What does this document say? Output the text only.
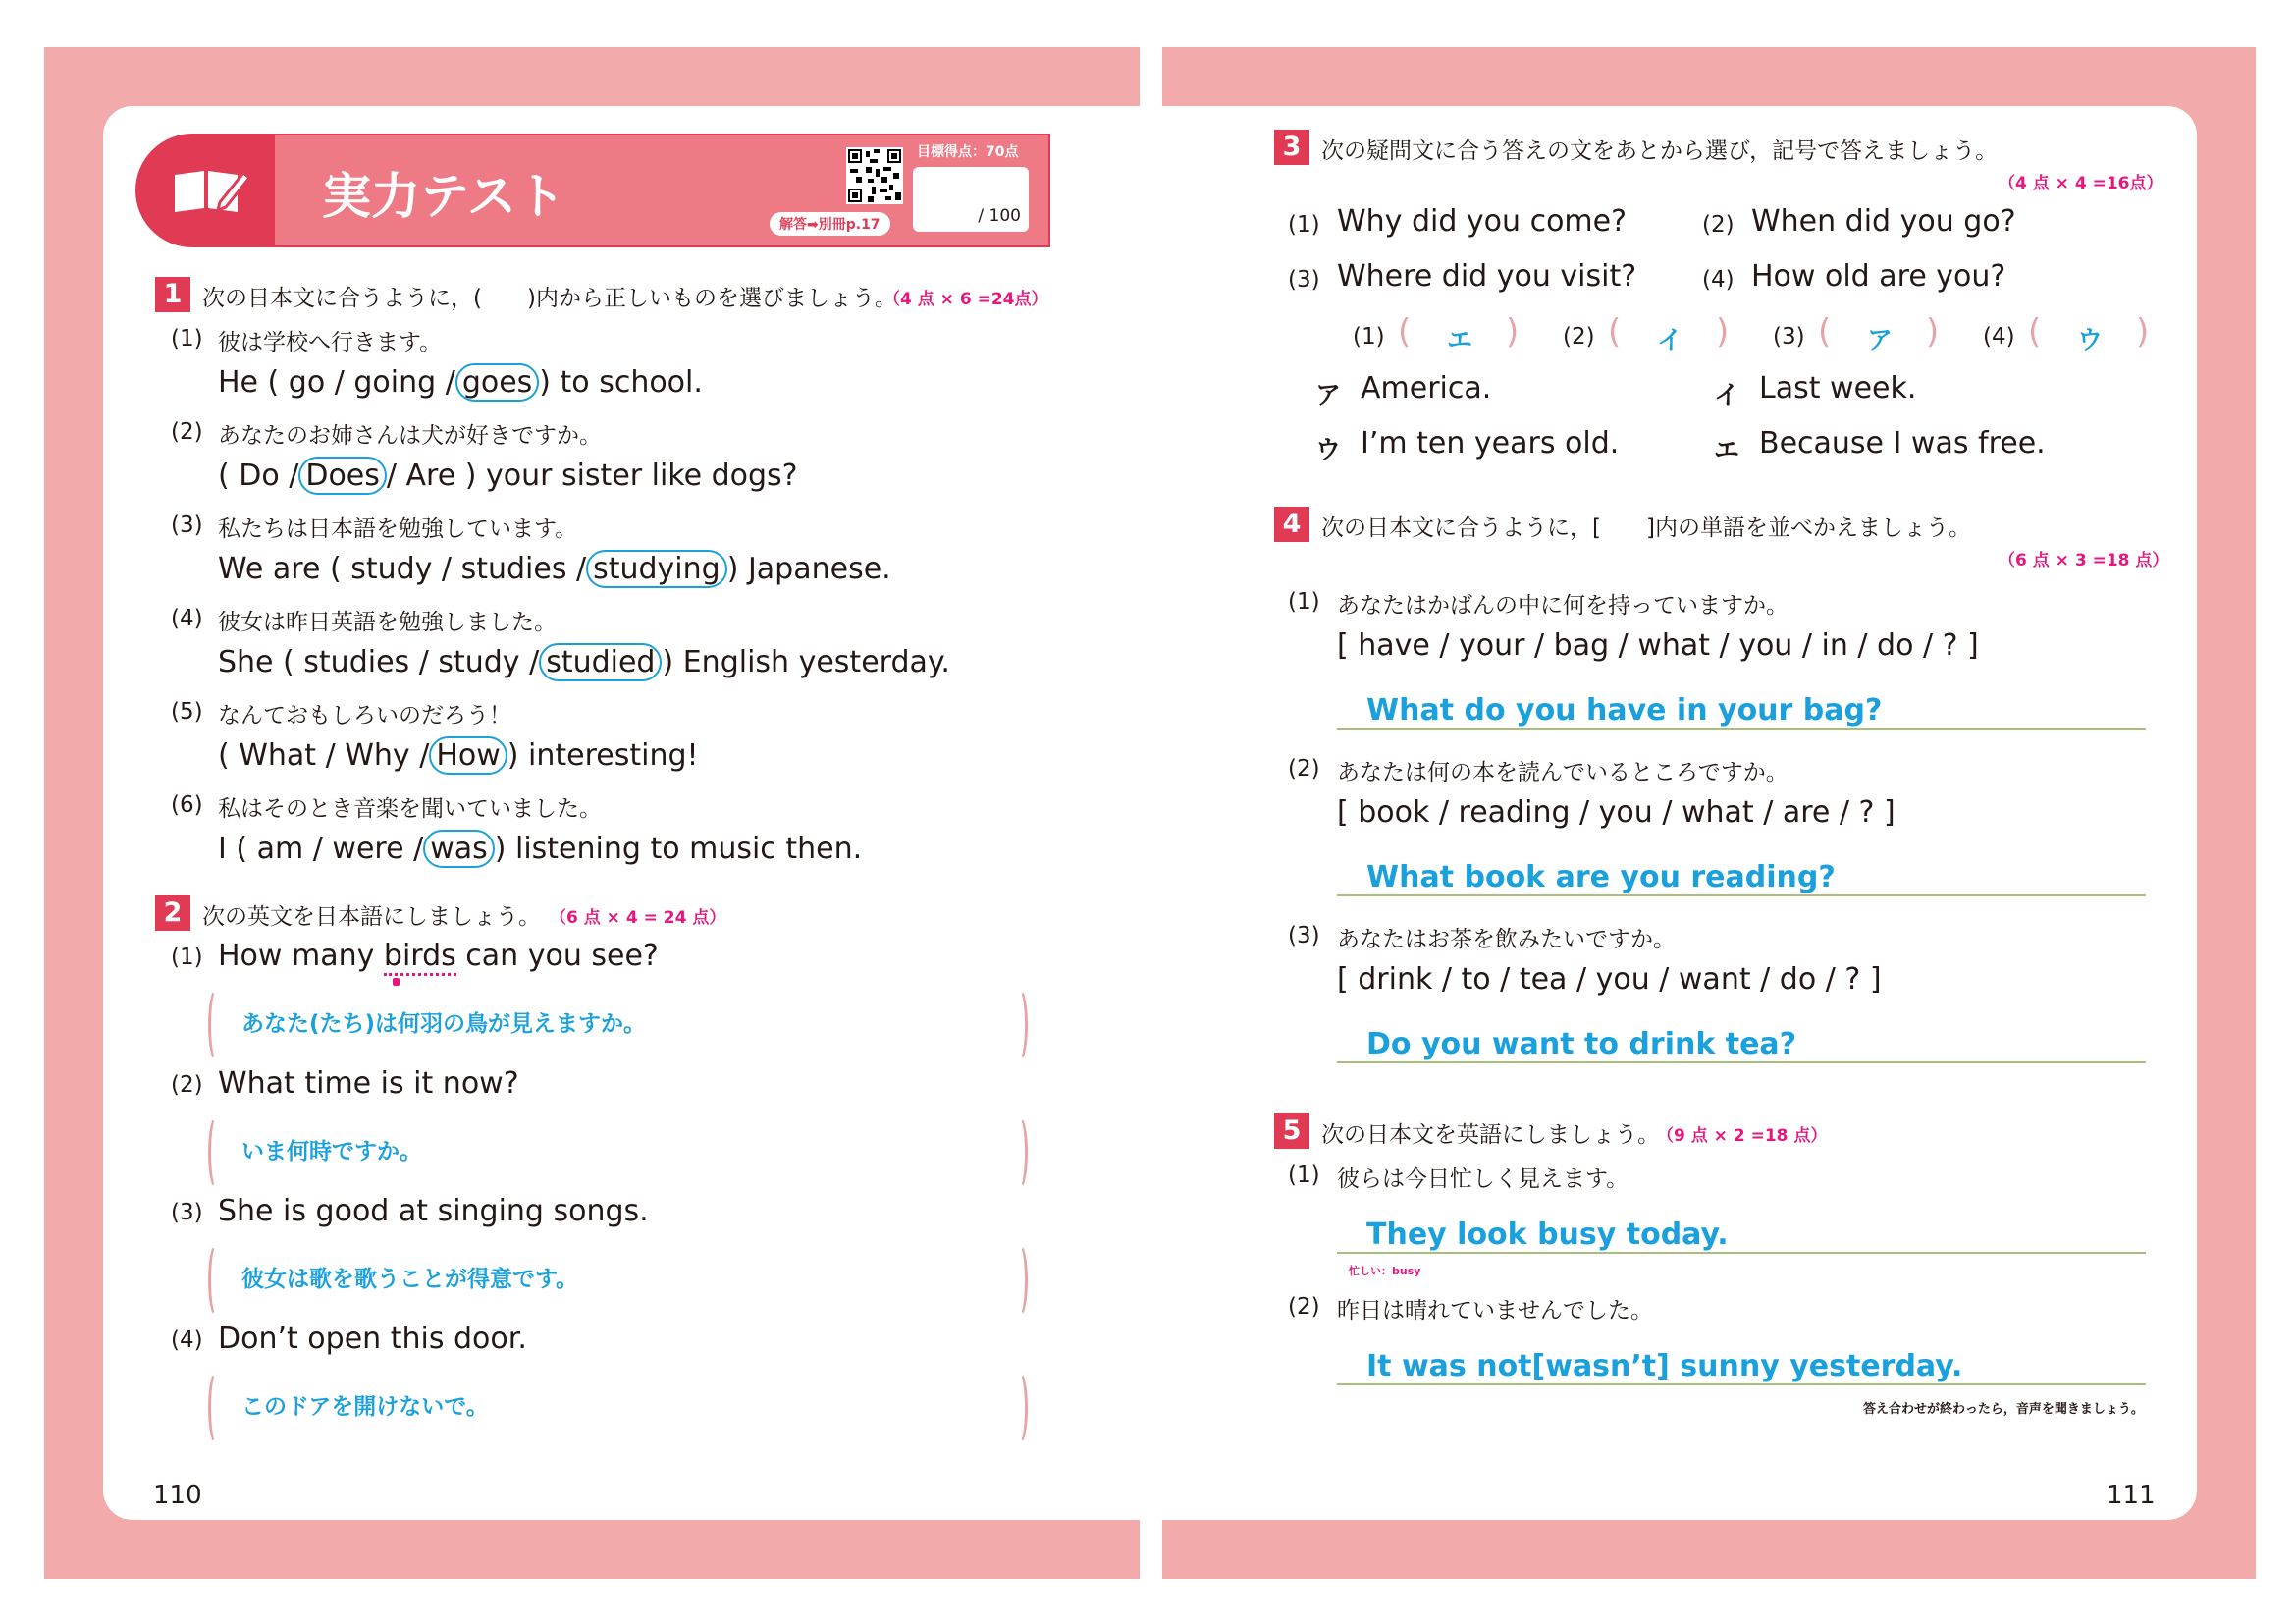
実力テスト	解答➡別冊p.17
目標得点：70点
/ 100
1 次の日本文に合うように，(　　)内から正しいものを選びましょう。
（4 点 × 6 =24点）
(1) 彼は学校へ行きます。
He ( go / going / goes ) to school.
(2) あなたのお姉さんは犬が好きですか。
( Do / Does / Are ) your sister like dogs?
(3) 私たちは日本語を勉強しています。
We are ( study / studies / studying ) Japanese.
(4) 彼女は昨日英語を勉強しました。
She ( studies / study / studied ) English yesterday.
(5) なんておもしろいのだろう！
( What / Why / How ) interesting!
(6) 私はそのとき音楽を聞いていました。
I ( am / were / was ) listening to music then.
2 次の英文を日本語にしましょう。 （6 点 × 4 = 24 点）
(1) How many birds can you see?
あなた(たち)は何羽の鳥が見えますか。
(2) What time is it now?
いま何時ですか。
(3) She is good at singing songs.
彼女は歌を歌うことが得意です。
(4) Don’t open this door.
このドアを開けないで。
110
3 次の疑問文に合う答えの文をあとから選び，記号で答えましょう。
（4 点 × 4 =16点）
(1) Why did you come?	(2) When did you go?
(3) Where did you visit?	(4) How old are you?
(1) ( エ ) (2) ( イ ) (3) ( ア ) (4) ( ウ )
ア America.	イ Last week.
ウ I’m ten years old.	エ Because I was free.
4 次の日本文に合うように，[　　]内の単語を並べかえましょう。
（6 点 × 3 =18 点）
(1) あなたはかばんの中に何を持っていますか。
[ have / your / bag / what / you / in / do / ? ]
What do you have in your bag?
(2) あなたは何の本を読んでいるところですか。
[ book / reading / you / what / are / ? ]
What book are you reading?
(3) あなたはお茶を飲みたいですか。
[ drink / to / tea / you / want / do / ? ]
Do you want to drink tea?
5 次の日本文を英語にしましょう。
（9 点 × 2 =18 点）
(1) 彼らは今日忙しく見えます。
They look busy today.
忙しい：busy
(2) 昨日は晴れていませんでした。
It was not[wasn’t] sunny yesterday.
答え合わせが終わったら，音声を聞きましょう。
111
